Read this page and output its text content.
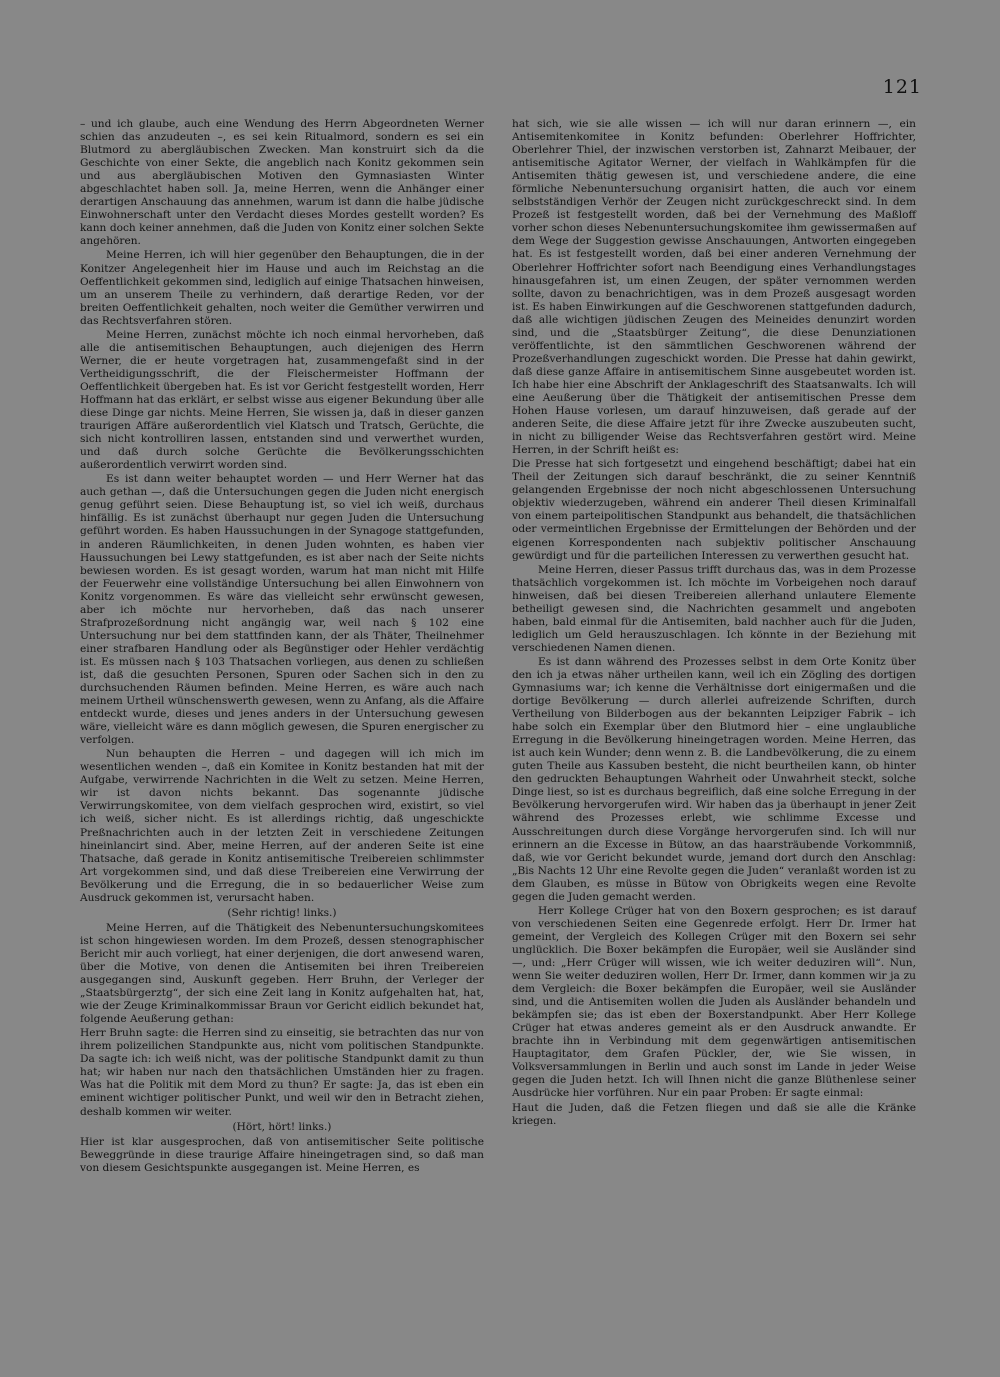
121

– und ich glaube, auch eine Wendung des Herrn Abgeordneten Werner schien das anzudeuten –, es sei kein Ritualmord, sondern es sei ein Blutmord zu abergläubischen Zwecken. Man konstruirt sich da die Geschichte von einer Sekte, die angeblich nach Konitz gekommen sein und aus abergläubischen Motiven den Gymnasiasten Winter abgeschlachtet haben soll. Ja, meine Herren, wenn die Anhänger einer derartigen Anschauung das annehmen, warum ist dann die halbe jüdische Einwohnerschaft unter den Verdacht dieses Mordes gestellt worden? Es kann doch keiner annehmen, daß die Juden von Konitz einer solchen Sekte angehören.

Meine Herren, ich will hier gegenüber den Behauptungen, die in der Konitzer Angelegenheit hier im Hause und auch im Reichstag an die Oeffentlichkeit gekommen sind, lediglich auf einige Thatsachen hinweisen, um an unserem Theile zu verhindern, daß derartige Reden, vor der breiten Oeffentlichkeit gehalten, noch weiter die Gemüther verwirren und das Rechtsverfahren stören.

Meine Herren, zunächst möchte ich noch einmal hervorheben, daß alle die antisemitischen Behauptungen, auch diejenigen des Herrn Werner, die er heute vorgetragen hat, zusammengefaßt sind in der Vertheidigungsschrift, die der Fleischermeister Hoffmann der Oeffentlichkeit übergeben hat. Es ist vor Gericht festgestellt worden, Herr Hoffmann hat das erklärt, er selbst wisse aus eigener Bekundung über alle diese Dinge gar nichts. Meine Herren, Sie wissen ja, daß in dieser ganzen traurigen Affäre außerordentlich viel Klatsch und Tratsch, Gerüchte, die sich nicht kontrolliren lassen, entstanden sind und verwerthet wurden, und daß durch solche Gerüchte die Bevölkerungsschichten außerordentlich verwirrt worden sind.

Es ist dann weiter behauptet worden — und Herr Werner hat das auch gethan —, daß die Untersuchungen gegen die Juden nicht energisch genug geführt seien. Diese Behauptung ist, so viel ich weiß, durchaus hinfällig. Es ist zunächst überhaupt nur gegen Juden die Untersuchung geführt worden. Es haben Haussuchungen in der Synagoge stattgefunden, in anderen Räumlichkeiten, in denen Juden wohnten, es haben vier Haussuchungen bei Lewy stattgefunden, es ist aber nach der Seite nichts bewiesen worden. Es ist gesagt worden, warum hat man nicht mit Hilfe der Feuerwehr eine vollständige Untersuchung bei allen Einwohnern von Konitz vorgenommen. Es wäre das vielleicht sehr erwünscht gewesen, aber ich möchte nur hervorheben, daß das nach unserer Strafprozeßordnung nicht angängig war, weil nach § 102 eine Untersuchung nur bei dem stattfinden kann, der als Thäter, Theilnehmer einer strafbaren Handlung oder als Begünstiger oder Hehler verdächtig ist. Es müssen nach § 103 Thatsachen vorliegen, aus denen zu schließen ist, daß die gesuchten Personen, Spuren oder Sachen sich in den zu durchsuchenden Räumen befinden. Meine Herren, es wäre auch nach meinem Urtheil wünschenswerth gewesen, wenn zu Anfang, als die Affaire entdeckt wurde, dieses und jenes anders in der Untersuchung gewesen wäre, vielleicht wäre es dann möglich gewesen, die Spuren energischer zu verfolgen.

Nun behaupten die Herren – und dagegen will ich mich im wesentlichen wenden –, daß ein Komitee in Konitz bestanden hat mit der Aufgabe, verwirrende Nachrichten in die Welt zu setzen. Meine Herren, wir ist davon nichts bekannt. Das sogenannte jüdische Verwirrungskomitee, von dem vielfach gesprochen wird, existirt, so viel ich weiß, sicher nicht. Es ist allerdings richtig, daß ungeschickte Preßnachrichten auch in der letzten Zeit in verschiedene Zeitungen hineinlancirt sind. Aber, meine Herren, auf der anderen Seite ist eine Thatsache, daß gerade in Konitz antisemitische Treibereien schlimmster Art vorgekommen sind, und daß diese Treibereien eine Verwirrung der Bevölkerung und die Erregung, die in so bedauerlicher Weise zum Ausdruck gekommen ist, verursacht haben.

(Sehr richtig! links.)

Meine Herren, auf die Thätigkeit des Nebenuntersuchungskomitees ist schon hingewiesen worden. Im dem Prozeß, dessen stenographischer Bericht mir auch vorliegt, hat einer derjenigen, die dort anwesend waren, über die Motive, von denen die Antisemiten bei ihren Treibereien ausgegangen sind, Auskunft gegeben. Herr Bruhn, der Verleger der „Staatsbürgerztg“, der sich eine Zeit lang in Konitz aufgehalten hat, hat, wie der Zeuge Kriminalkommissar Braun vor Gericht eidlich bekundet hat, folgende Aeußerung gethan:

Herr Bruhn sagte: die Herren sind zu einseitig, sie betrachten das nur von ihrem polizeilichen Standpunkte aus, nicht vom politischen Standpunkte. Da sagte ich: ich weiß nicht, was der politische Standpunkt damit zu thun hat; wir haben nur nach den thatsächlichen Umständen hier zu fragen. Was hat die Politik mit dem Mord zu thun? Er sagte: Ja, das ist eben ein eminent wichtiger politischer Punkt, und weil wir den in Betracht ziehen, deshalb kommen wir weiter.

(Hört, hört! links.)

Hier ist klar ausgesprochen, daß von antisemitischer Seite politische Beweggründe in diese traurige Affaire hineingetragen sind, so daß man von diesem Gesichtspunkte ausgegangen ist. Meine Herren, es

hat sich, wie sie alle wissen — ich will nur daran erinnern —, ein Antisemitenkomitee in Konitz befunden: Oberlehrer Hoffrichter, Oberlehrer Thiel, der inzwischen verstorben ist, Zahnarzt Meibauer, der antisemitische Agitator Werner, der vielfach in Wahlkämpfen für die Antisemiten thätig gewesen ist, und verschiedene andere, die eine förmliche Nebenuntersuchung organisirt hatten, die auch vor einem selbstständigen Verhör der Zeugen nicht zurückgeschreckt sind. In dem Prozeß ist festgestellt worden, daß bei der Vernehmung des Maßloff vorher schon dieses Nebenuntersuchungskomitee ihm gewissermaßen auf dem Wege der Suggestion gewisse Anschauungen, Antworten eingegeben hat. Es ist festgestellt worden, daß bei einer anderen Vernehmung der Oberlehrer Hoffrichter sofort nach Beendigung eines Verhandlungstages hinausgefahren ist, um einen Zeugen, der später vernommen werden sollte, davon zu benachrichtigen, was in dem Prozeß ausgesagt worden ist. Es haben Einwirkungen auf die Geschworenen stattgefunden dadurch, daß alle wichtigen jüdischen Zeugen des Meineides denunzirt worden sind, und die „Staatsbürger Zeitung“, die diese Denunziationen veröffentlichte, ist den sämmtlichen Geschworenen während der Prozeßverhandlungen zugeschickt worden. Die Presse hat dahin gewirkt, daß diese ganze Affaire in antisemitischem Sinne ausgebeutet worden ist. Ich habe hier eine Abschrift der Anklageschrift des Staatsanwalts. Ich will eine Aeußerung über die Thätigkeit der antisemitischen Presse dem Hohen Hause vorlesen, um darauf hinzuweisen, daß gerade auf der anderen Seite, die diese Affaire jetzt für ihre Zwecke auszubeuten sucht, in nicht zu billigender Weise das Rechtsverfahren gestört wird. Meine Herren, in der Schrift heißt es:

Die Presse hat sich fortgesetzt und eingehend beschäftigt; dabei hat ein Theil der Zeitungen sich darauf beschränkt, die zu seiner Kenntniß gelangenden Ergebnisse der noch nicht abgeschlossenen Untersuchung objektiv wiederzugeben, während ein anderer Theil diesen Kriminalfall von einem parteipolitischen Standpunkt aus behandelt, die thatsächlichen oder vermeintlichen Ergebnisse der Ermittelungen der Behörden und der eigenen Korrespondenten nach subjektiv politischer Anschauung gewürdigt und für die parteilichen Interessen zu verwerthen gesucht hat.

Meine Herren, dieser Passus trifft durchaus das, was in dem Prozesse thatsächlich vorgekommen ist. Ich möchte im Vorbeigehen noch darauf hinweisen, daß bei diesen Treibereien allerhand unlautere Elemente betheiligt gewesen sind, die Nachrichten gesammelt und angeboten haben, bald einmal für die Antisemiten, bald nachher auch für die Juden, lediglich um Geld herauszuschlagen. Ich könnte in der Beziehung mit verschiedenen Namen dienen.

Es ist dann während des Prozesses selbst in dem Orte Konitz über den ich ja etwas näher urtheilen kann, weil ich ein Zögling des dortigen Gymnasiums war; ich kenne die Verhältnisse dort einigermaßen und die dortige Bevölkerung — durch allerlei aufreizende Schriften, durch Vertheilung von Bilderbogen aus der bekannten Leipziger Fabrik – ich habe solch ein Exemplar über den Blutmord hier – eine unglaubliche Erregung in die Bevölkerung hineingetragen worden. Meine Herren, das ist auch kein Wunder; denn wenn z. B. die Landbevölkerung, die zu einem guten Theile aus Kassuben besteht, die nicht beurtheilen kann, ob hinter den gedruckten Behauptungen Wahrheit oder Unwahrheit steckt, solche Dinge liest, so ist es durchaus begreiflich, daß eine solche Erregung in der Bevölkerung hervorgerufen wird. Wir haben das ja überhaupt in jener Zeit während des Prozesses erlebt, wie schlimme Excesse und Ausschreitungen durch diese Vorgänge hervorgerufen sind. Ich will nur erinnern an die Excesse in Bütow, an das haarsträubende Vorkommniß, daß, wie vor Gericht bekundet wurde, jemand dort durch den Anschlag: „Bis Nachts 12 Uhr eine Revolte gegen die Juden“ veranlaßt worden ist zu dem Glauben, es müsse in Bütow von Obrigkeits wegen eine Revolte gegen die Juden gemacht werden.

Herr Kollege Crüger hat von den Boxern gesprochen; es ist darauf von verschiedenen Seiten eine Gegenrede erfolgt. Herr Dr. Irmer hat gemeint, der Vergleich des Kollegen Crüger mit den Boxern sei sehr unglücklich. Die Boxer bekämpfen die Europäer, weil sie Ausländer sind —, und: „Herr Crüger will wissen, wie ich weiter deduziren will“. Nun, wenn Sie weiter deduziren wollen, Herr Dr. Irmer, dann kommen wir ja zu dem Vergleich: die Boxer bekämpfen die Europäer, weil sie Ausländer sind, und die Antisemiten wollen die Juden als Ausländer behandeln und bekämpfen sie; das ist eben der Boxerstandpunkt. Aber Herr Kollege Crüger hat etwas anderes gemeint als er den Ausdruck anwandte. Er brachte ihn in Verbindung mit dem gegenwärtigen antisemitischen Hauptagitator, dem Grafen Pückler, der, wie Sie wissen, in Volksversammlungen in Berlin und auch sonst im Lande in jeder Weise gegen die Juden hetzt. Ich will Ihnen nicht die ganze Blüthenlese seiner Ausdrücke hier vorführen. Nur ein paar Proben: Er sagte einmal:

Haut die Juden, daß die Fetzen fliegen und daß sie alle die Kränke kriegen.
